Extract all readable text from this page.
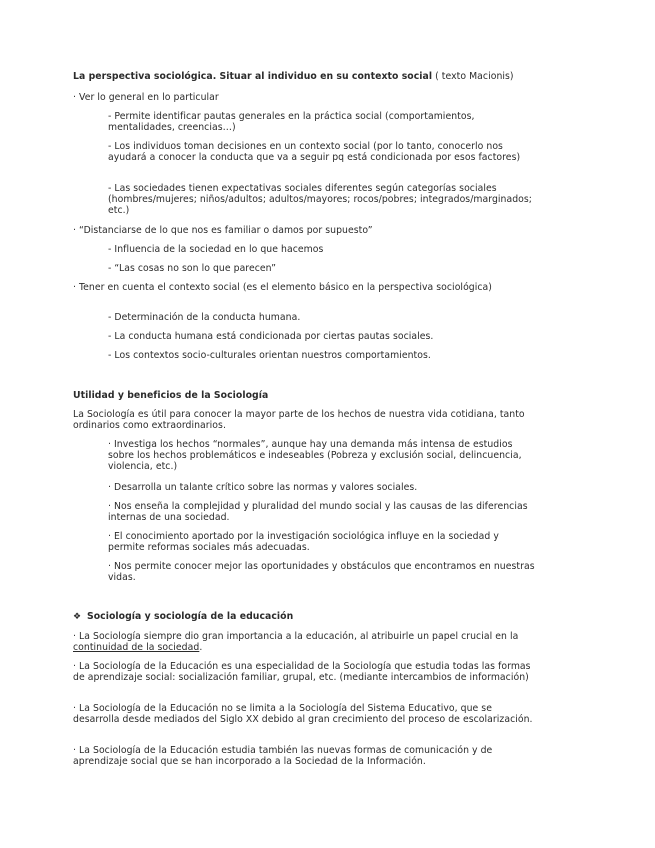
La perspectiva sociológica. Situar al individuo en su contexto social ( texto Macionis)

· Ver lo general en lo particular

- Permite identificar pautas generales en la práctica social (comportamientos, mentalidades, creencias…)

- Los individuos toman decisiones en un contexto social (por lo tanto, conocerlo nos ayudará a conocer la conducta que va a seguir pq está condicionada por esos factores)

- Las sociedades tienen expectativas sociales diferentes según categorías sociales (hombres/mujeres; niños/adultos; adultos/mayores; rocos/pobres; integrados/marginados; etc.)

· “Distanciarse de lo que nos es familiar o damos por supuesto”

- Influencia de la sociedad en lo que hacemos

- “Las cosas no son lo que parecen”

· Tener en cuenta el contexto social (es el elemento básico en la perspectiva sociológica)

- Determinación de la conducta humana.

- La conducta humana está condicionada por ciertas pautas sociales.

- Los contextos socio-culturales orientan nuestros comportamientos.

Utilidad y beneficios de la Sociología

La Sociología es útil para conocer la mayor parte de los hechos de nuestra vida cotidiana, tanto ordinarios como extraordinarios.

· Investiga los hechos “normales”, aunque hay una demanda más intensa de estudios sobre los hechos problemáticos e indeseables (Pobreza y exclusión social, delincuencia, violencia, etc.)

· Desarrolla un talante crítico sobre las normas y valores sociales.

· Nos enseña la complejidad y pluralidad del mundo social y las causas de las diferencias internas de una sociedad.

· El conocimiento aportado por la investigación sociológica influye en la sociedad y permite reformas sociales más adecuadas.

· Nos permite conocer mejor las oportunidades y obstáculos que encontramos en nuestras vidas.

❖ Sociología y sociología de la educación

· La Sociología siempre dio gran importancia a la educación, al atribuirle un papel crucial en la continuidad de la sociedad.

· La Sociología de la Educación es una especialidad de la Sociología que estudia todas las formas de aprendizaje social: socialización familiar, grupal, etc. (mediante intercambios de información)

· La Sociología de la Educación no se limita a la Sociología del Sistema Educativo, que se desarrolla desde mediados del Siglo XX debido al gran crecimiento del proceso de escolarización.

· La Sociología de la Educación estudia también las nuevas formas de comunicación y de aprendizaje social que se han incorporado a la Sociedad de la Información.
